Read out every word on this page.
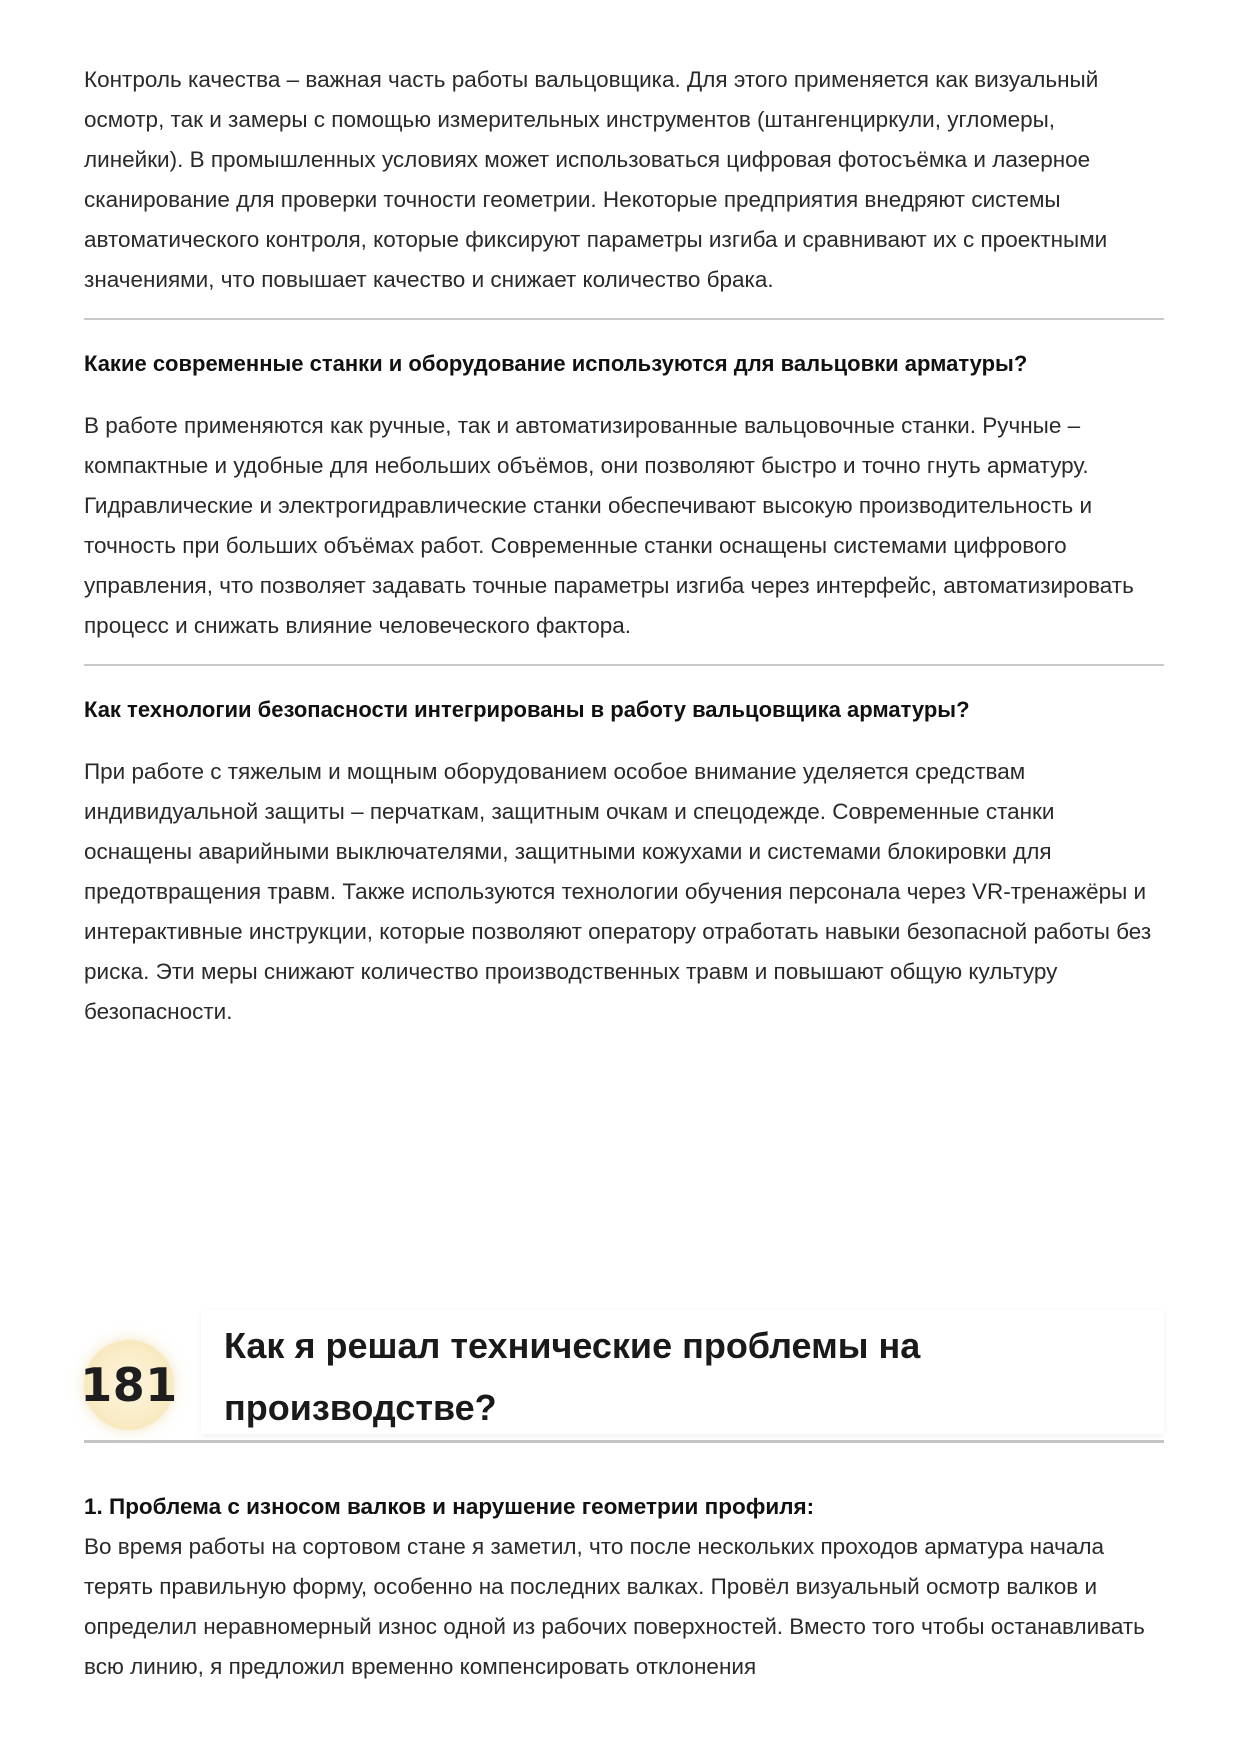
Контроль качества – важная часть работы вальцовщика. Для этого применяется как визуальный осмотр, так и замеры с помощью измерительных инструментов (штангенциркули, угломеры, линейки). В промышленных условиях может использоваться цифровая фотосъёмка и лазерное сканирование для проверки точности геометрии. Некоторые предприятия внедряют системы автоматического контроля, которые фиксируют параметры изгиба и сравнивают их с проектными значениями, что повышает качество и снижает количество брака.

Какие современные станки и оборудование используются для вальцовки арматуры?

В работе применяются как ручные, так и автоматизированные вальцовочные станки. Ручные – компактные и удобные для небольших объёмов, они позволяют быстро и точно гнуть арматуру. Гидравлические и электрогидравлические станки обеспечивают высокую производительность и точность при больших объёмах работ. Современные станки оснащены системами цифрового управления, что позволяет задавать точные параметры изгиба через интерфейс, автоматизировать процесс и снижать влияние человеческого фактора.

Как технологии безопасности интегрированы в работу вальцовщика арматуры?

При работе с тяжелым и мощным оборудованием особое внимание уделяется средствам индивидуальной защиты – перчаткам, защитным очкам и спецодежде. Современные станки оснащены аварийными выключателями, защитными кожухами и системами блокировки для предотвращения травм. Также используются технологии обучения персонала через VR-тренажёры и интерактивные инструкции, которые позволяют оператору отработать навыки безопасной работы без риска. Эти меры снижают количество производственных травм и повышают общую культуру безопасности.

181
Как я решал технические проблемы на производстве?

1. Проблема с износом валков и нарушение геометрии профиля:

Во время работы на сортовом стане я заметил, что после нескольких проходов арматура начала терять правильную форму, особенно на последних валках. Провёл визуальный осмотр валков и определил неравномерный износ одной из рабочих поверхностей. Вместо того чтобы останавливать всю линию, я предложил временно компенсировать отклонения
